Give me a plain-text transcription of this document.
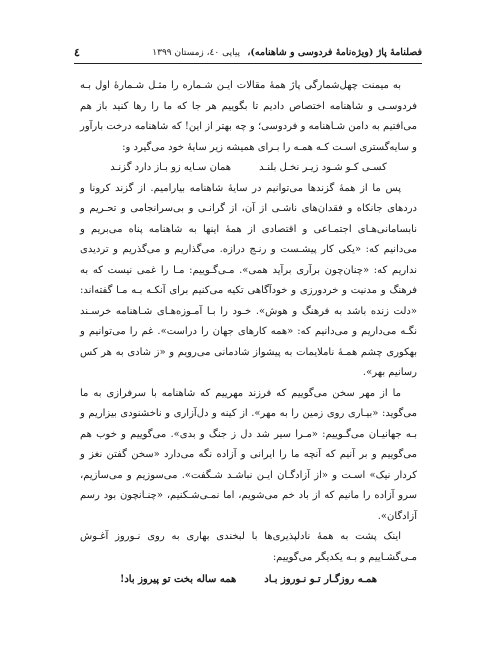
فصلنامهٔ پاژ (ویژه‌نامهٔ فردوسی و شاهنامه)، پیاپی ٤٠، زمستان ١٣٩٩
٤

به میمنت چهل‌شمارگی پاژ همهٔ مقالات ایـن شـماره را مثـل شـمارهٔ اول بـه فردوسـی و شاهنامه اختصاص دادیم تا بگوییم هر جا که ما را رها کنید باز هم می‌افتیم به دامن شـاهنامه و فردوسی؛ و چه بهتر از این! که شاهنامه درخت بارآور و سایه‌گستری اسـت کـه همـه را بـرای همیشه زیر سایهٔ خود می‌گیرد و:

کسـی کـو شـود زیـر نخـل بلنـد
همان سـایه زو بـاز دارد گزنـد

پس ما از همهٔ گزندها می‌توانیم در سایهٔ شاهنامه بیارامیم. از گزند کرونا و دردهای جانکاه و فقدان‌های ناشـی از آن، از گرانـی و بی‌سرانجامی و تحـریم و نابسامانی‌هـای اجتمـاعی و اقتصادی از همهٔ اینها به شاهنامه پناه می‌بریم و می‌دانیم که: «یکی کار پیشـست و رنـج درازه. می‌گذاریم و می‌گذریم و تردیدی نداریم که: «چنان‌چون برآری برآید همی». مـی‌گـوییم: مـا را غمی نیست که به فرهنگ و مدنیت و خردورزی و خودآگاهی تکیه می‌کنیم برای آنکـه بـه مـا گفته‌اند: «دلت زنده باشد به فرهنگ و هوش». خـود را بـا آمـوزه‌هـای شـاهنامه خرسـند نگـه می‌داریم و می‌دانیم که: «همه کارهای جهان را دراست». غم را می‌توانیم و بهکوری چشم همـهٔ ناملایمات به پیشواز شادمانی می‌رویم و «ز شادی به هر کس رسانیم بهر».

ما از مهر سخن می‌گوییم که فرزند مهرییم که شاهنامه با سرفرازی به ما می‌گوید: «بیـاری روی زمین را به مهر». از کینه و دل‌آزاری و ناخشنودی بیزاریم و بـه جهانیـان می‌گـوییم: «مـرا سیر شد دل ز جنگ و بدی». می‌گوییم و خوب هم می‌گوییم و بر آنیم که آنچه ما را ایرانی و آزاده نگه می‌دارد «سخن گفتن نغز و کردار نیک» اسـت و «از آزادگـان ایـن نباشـد شـگفت». می‌سوزیم و می‌سازیم، سرو آزاده را مانیم که از باد خم می‌شویم، اما نمـی‌شـکنیم، «چنـانچون بود رسم آزادگان».

اینک پشت به همهٔ نادلپذیری‌ها با لبخندی بهاری به روی نـوروز آغـوش مـی‌گشـاییم و بـه یکدیگر می‌گوییم:

همـه روزگـار تـو نـوروز بـاد
همه ساله بخت تو پیروز باد!
